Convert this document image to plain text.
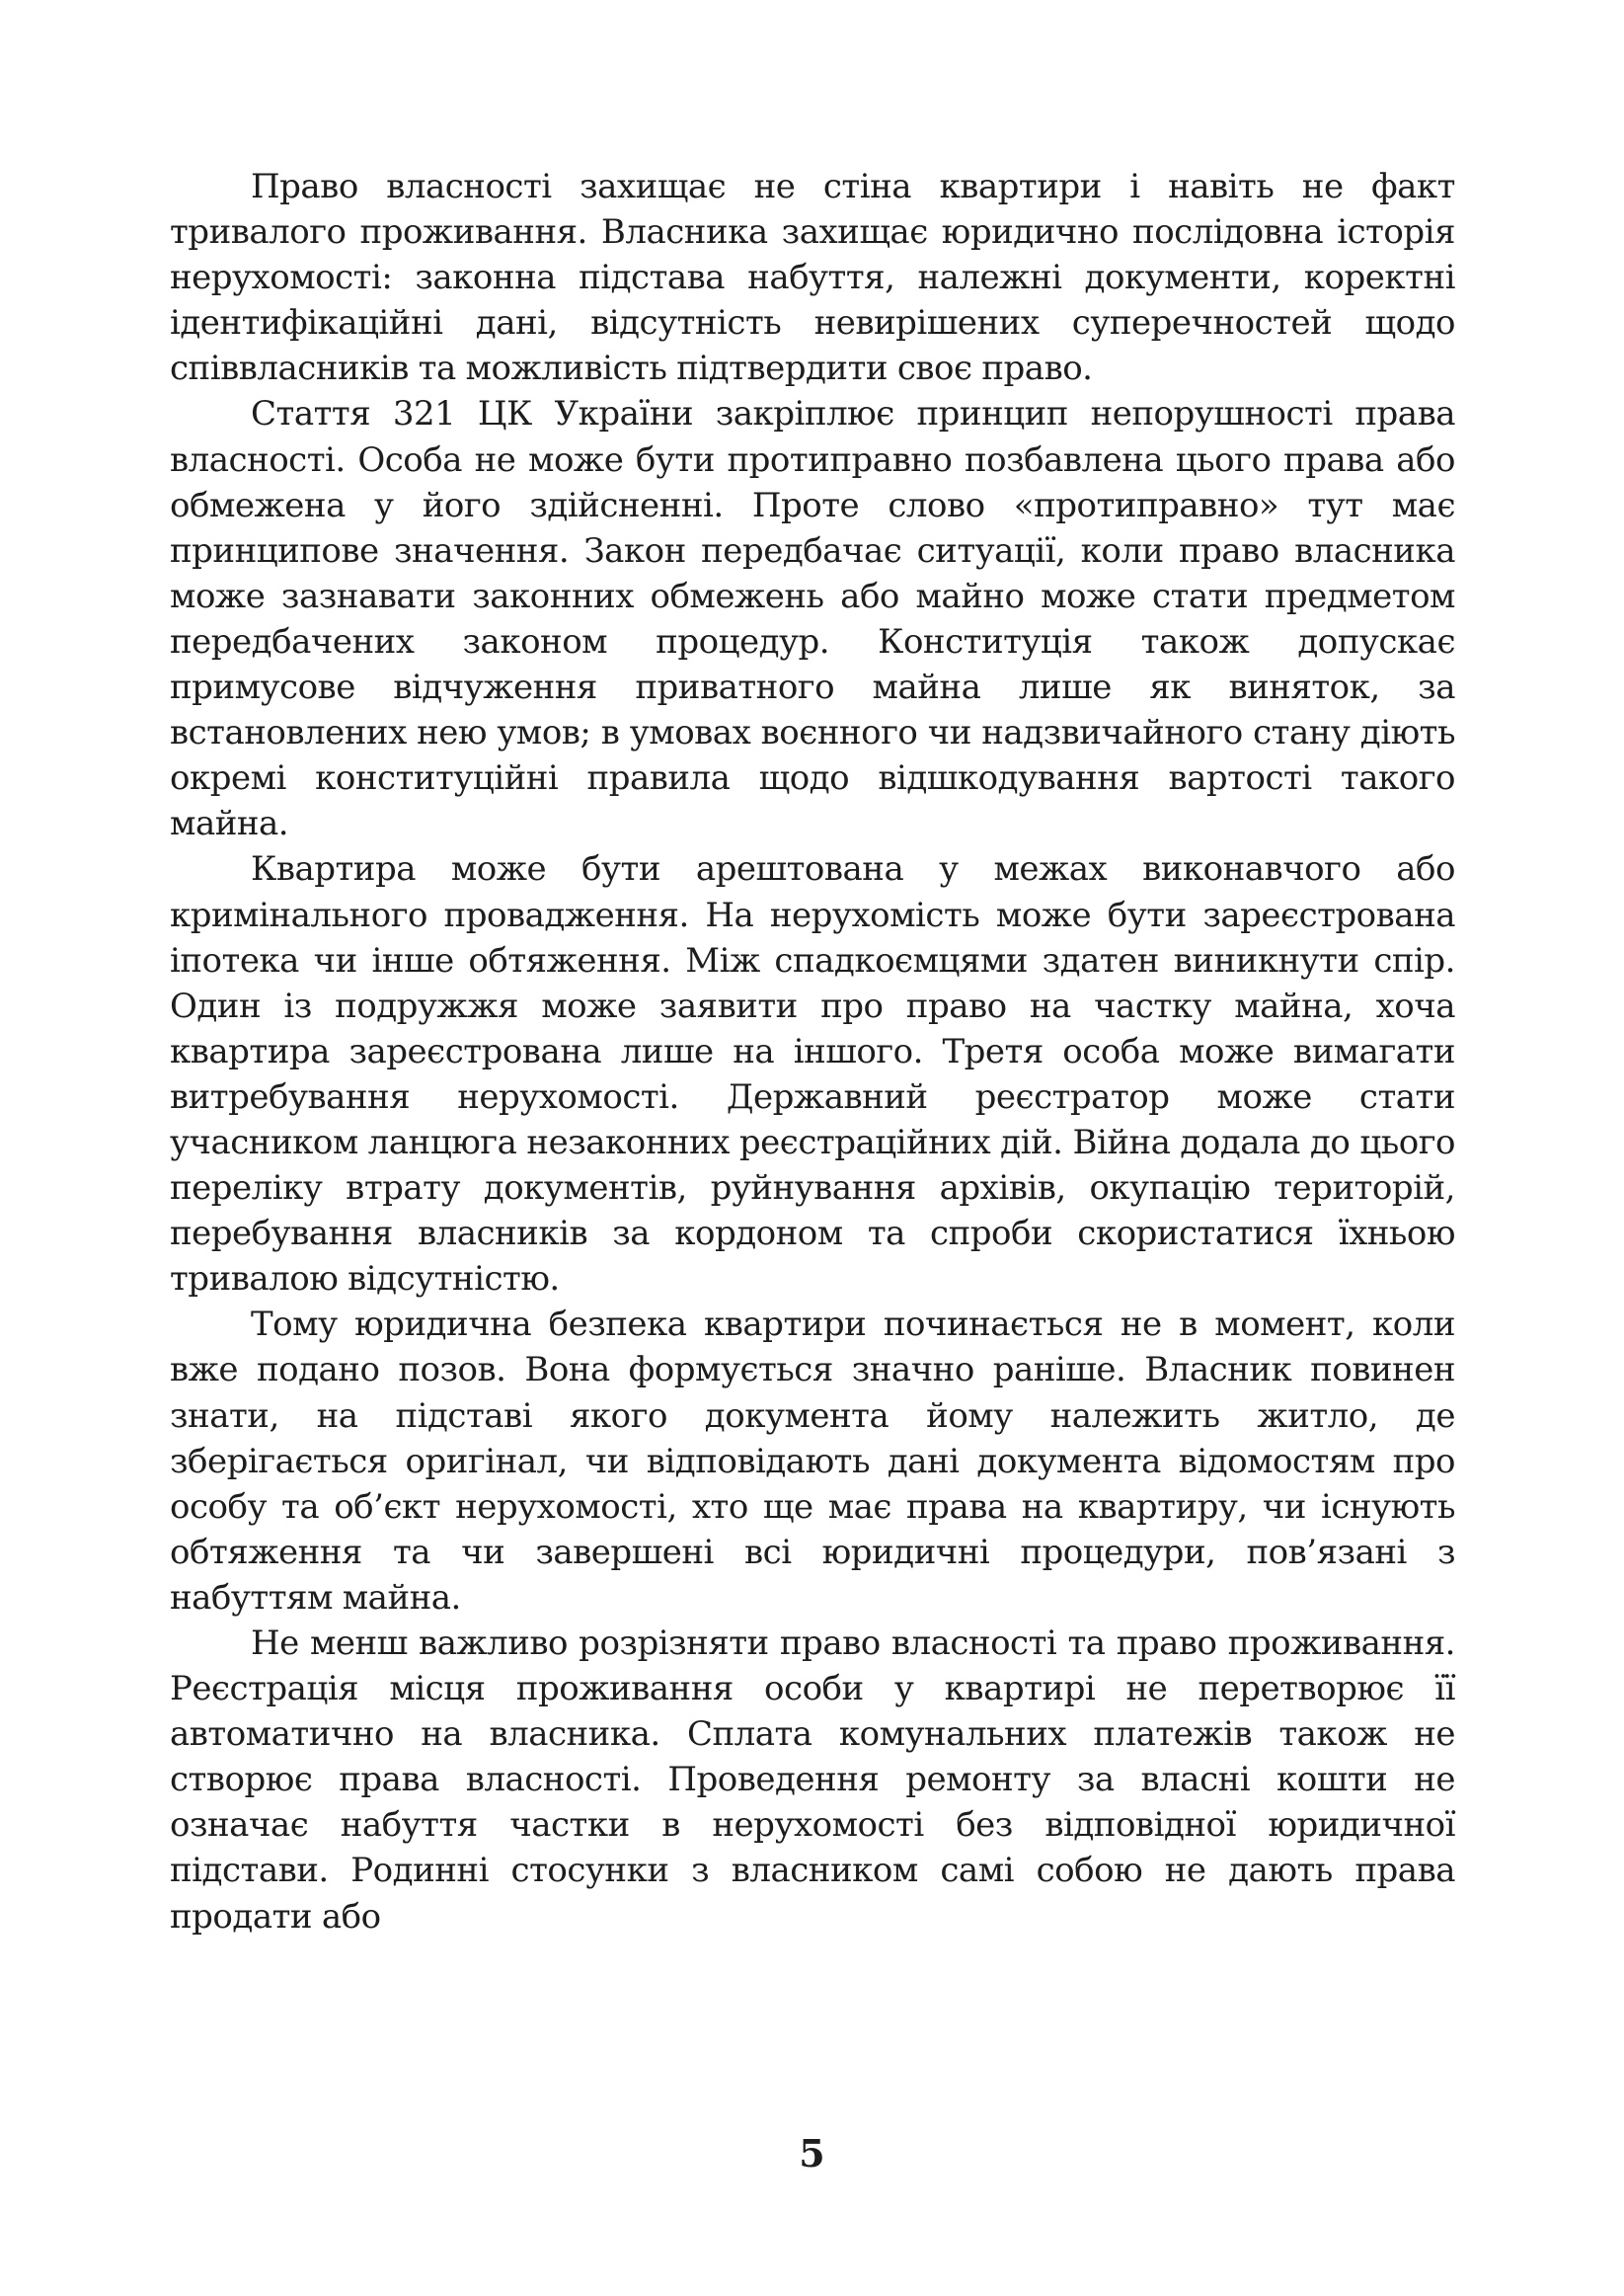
Право власності захищає не стіна квартири і навіть не факт тривалого проживання. Власника захищає юридично послідовна історія нерухомості: законна підстава набуття, належні документи, коректні ідентифікаційні дані, відсутність невирішених суперечностей щодо співвласників та можливість підтвердити своє право.

Стаття 321 ЦК України закріплює принцип непорушності права власності. Особа не може бути протиправно позбавлена цього права або обмежена у його здійсненні. Проте слово «протиправно» тут має принципове значення. Закон передбачає ситуації, коли право власника може зазнавати законних обмежень або майно може стати предметом передбачених законом процедур. Конституція також допускає примусове відчуження приватного майна лише як виняток, за встановлених нею умов; в умовах воєнного чи надзвичайного стану діють окремі конституційні правила щодо відшкодування вартості такого майна.

Квартира може бути арештована у межах виконавчого або кримінального провадження. На нерухомість може бути зареєстрована іпотека чи інше обтяження. Між спадкоємцями здатен виникнути спір. Один із подружжя може заявити про право на частку майна, хоча квартира зареєстрована лише на іншого. Третя особа може вимагати витребування нерухомості. Державний реєстратор може стати учасником ланцюга незаконних реєстраційних дій. Війна додала до цього переліку втрату документів, руйнування архівів, окупацію територій, перебування власників за кордоном та спроби скористатися їхньою тривалою відсутністю.

Тому юридична безпека квартири починається не в момент, коли вже подано позов. Вона формується значно раніше. Власник повинен знати, на підставі якого документа йому належить житло, де зберігається оригінал, чи відповідають дані документа відомостям про особу та об’єкт нерухомості, хто ще має права на квартиру, чи існують обтяження та чи завершені всі юридичні процедури, пов’язані з набуттям майна.

Не менш важливо розрізняти право власності та право проживання. Реєстрація місця проживання особи у квартирі не перетворює її автоматично на власника. Сплата комунальних платежів також не створює права власності. Проведення ремонту за власні кошти не означає набуття частки в нерухомості без відповідної юридичної підстави. Родинні стосунки з власником самі собою не дають права продати або

5
